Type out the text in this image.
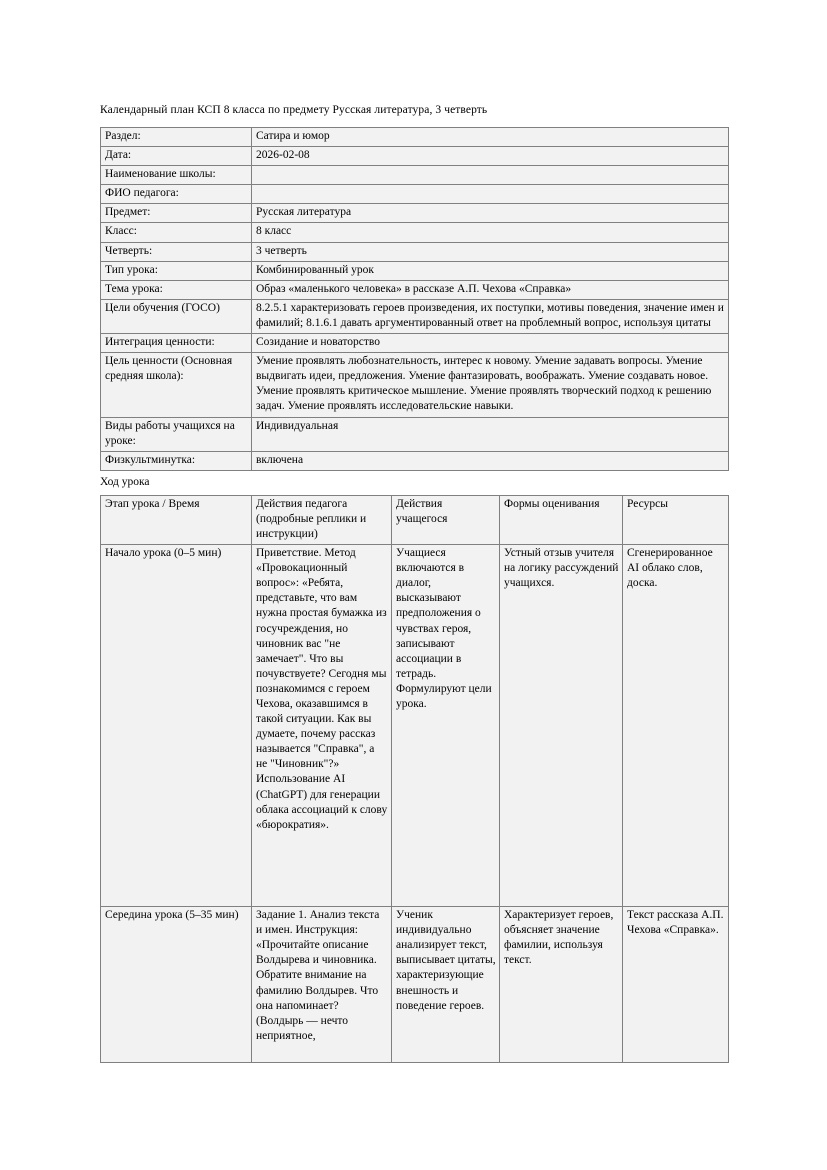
Календарный план КСП 8 класса по предмету Русская литература, 3 четверть

Раздел:	Сатира и юмор
Дата:	2026-02-08
Наименование школы:	
ФИО педагога:	
Предмет:	Русская литература
Класс:	8 класс
Четверть:	3 четверть
Тип урока:	Комбинированный урок
Тема урока:	Образ «маленького человека» в рассказе А.П. Чехова «Справка»
Цели обучения (ГОСО)	8.2.5.1 характеризовать героев произведения, их поступки, мотивы поведения, значение имен и фамилий; 8.1.6.1 давать аргументированный ответ на проблемный вопрос, используя цитаты
Интеграция ценности:	Созидание и новаторство
Цель ценности (Основная средняя школа):	Умение проявлять любознательность, интерес к новому. Умение задавать вопросы. Умение выдвигать идеи, предложения. Умение фантазировать, воображать. Умение создавать новое. Умение проявлять критическое мышление. Умение проявлять творческий подход к решению задач. Умение проявлять исследовательские навыки.
Виды работы учащихся на уроке:	Индивидуальная
Физкультминутка:	включена

Ход урока

Этап урока / Время	Действия педагога (подробные реплики и инструкции)	Действия учащегося	Формы оценивания	Ресурсы
Начало урока (0–5 мин)	Приветствие. Метод «Провокационный вопрос»: «Ребята, представьте, что вам нужна простая бумажка из госучреждения, но чиновник вас "не замечает". Что вы почувствуете? Сегодня мы познакомимся с героем Чехова, оказавшимся в такой ситуации. Как вы думаете, почему рассказ называется "Справка", а не "Чиновник"?» Использование AI (ChatGPT) для генерации облака ассоциаций к слову «бюрократия».	Учащиеся включаются в диалог, высказывают предположения о чувствах героя, записывают ассоциации в тетрадь. Формулируют цели урока.	Устный отзыв учителя на логику рассуждений учащихся.	Сгенерированное AI облако слов, доска.
Середина урока (5–35 мин)	Задание 1. Анализ текста и имен. Инструкция: «Прочитайте описание Волдырева и чиновника. Обратите внимание на фамилию Волдырев. Что она напоминает? (Волдырь — нечто неприятное,	Ученик индивидуально анализирует текст, выписывает цитаты, характеризующие внешность и поведение героев.	Характеризует героев, объясняет значение фамилии, используя текст.	Текст рассказа А.П. Чехова «Справка».
